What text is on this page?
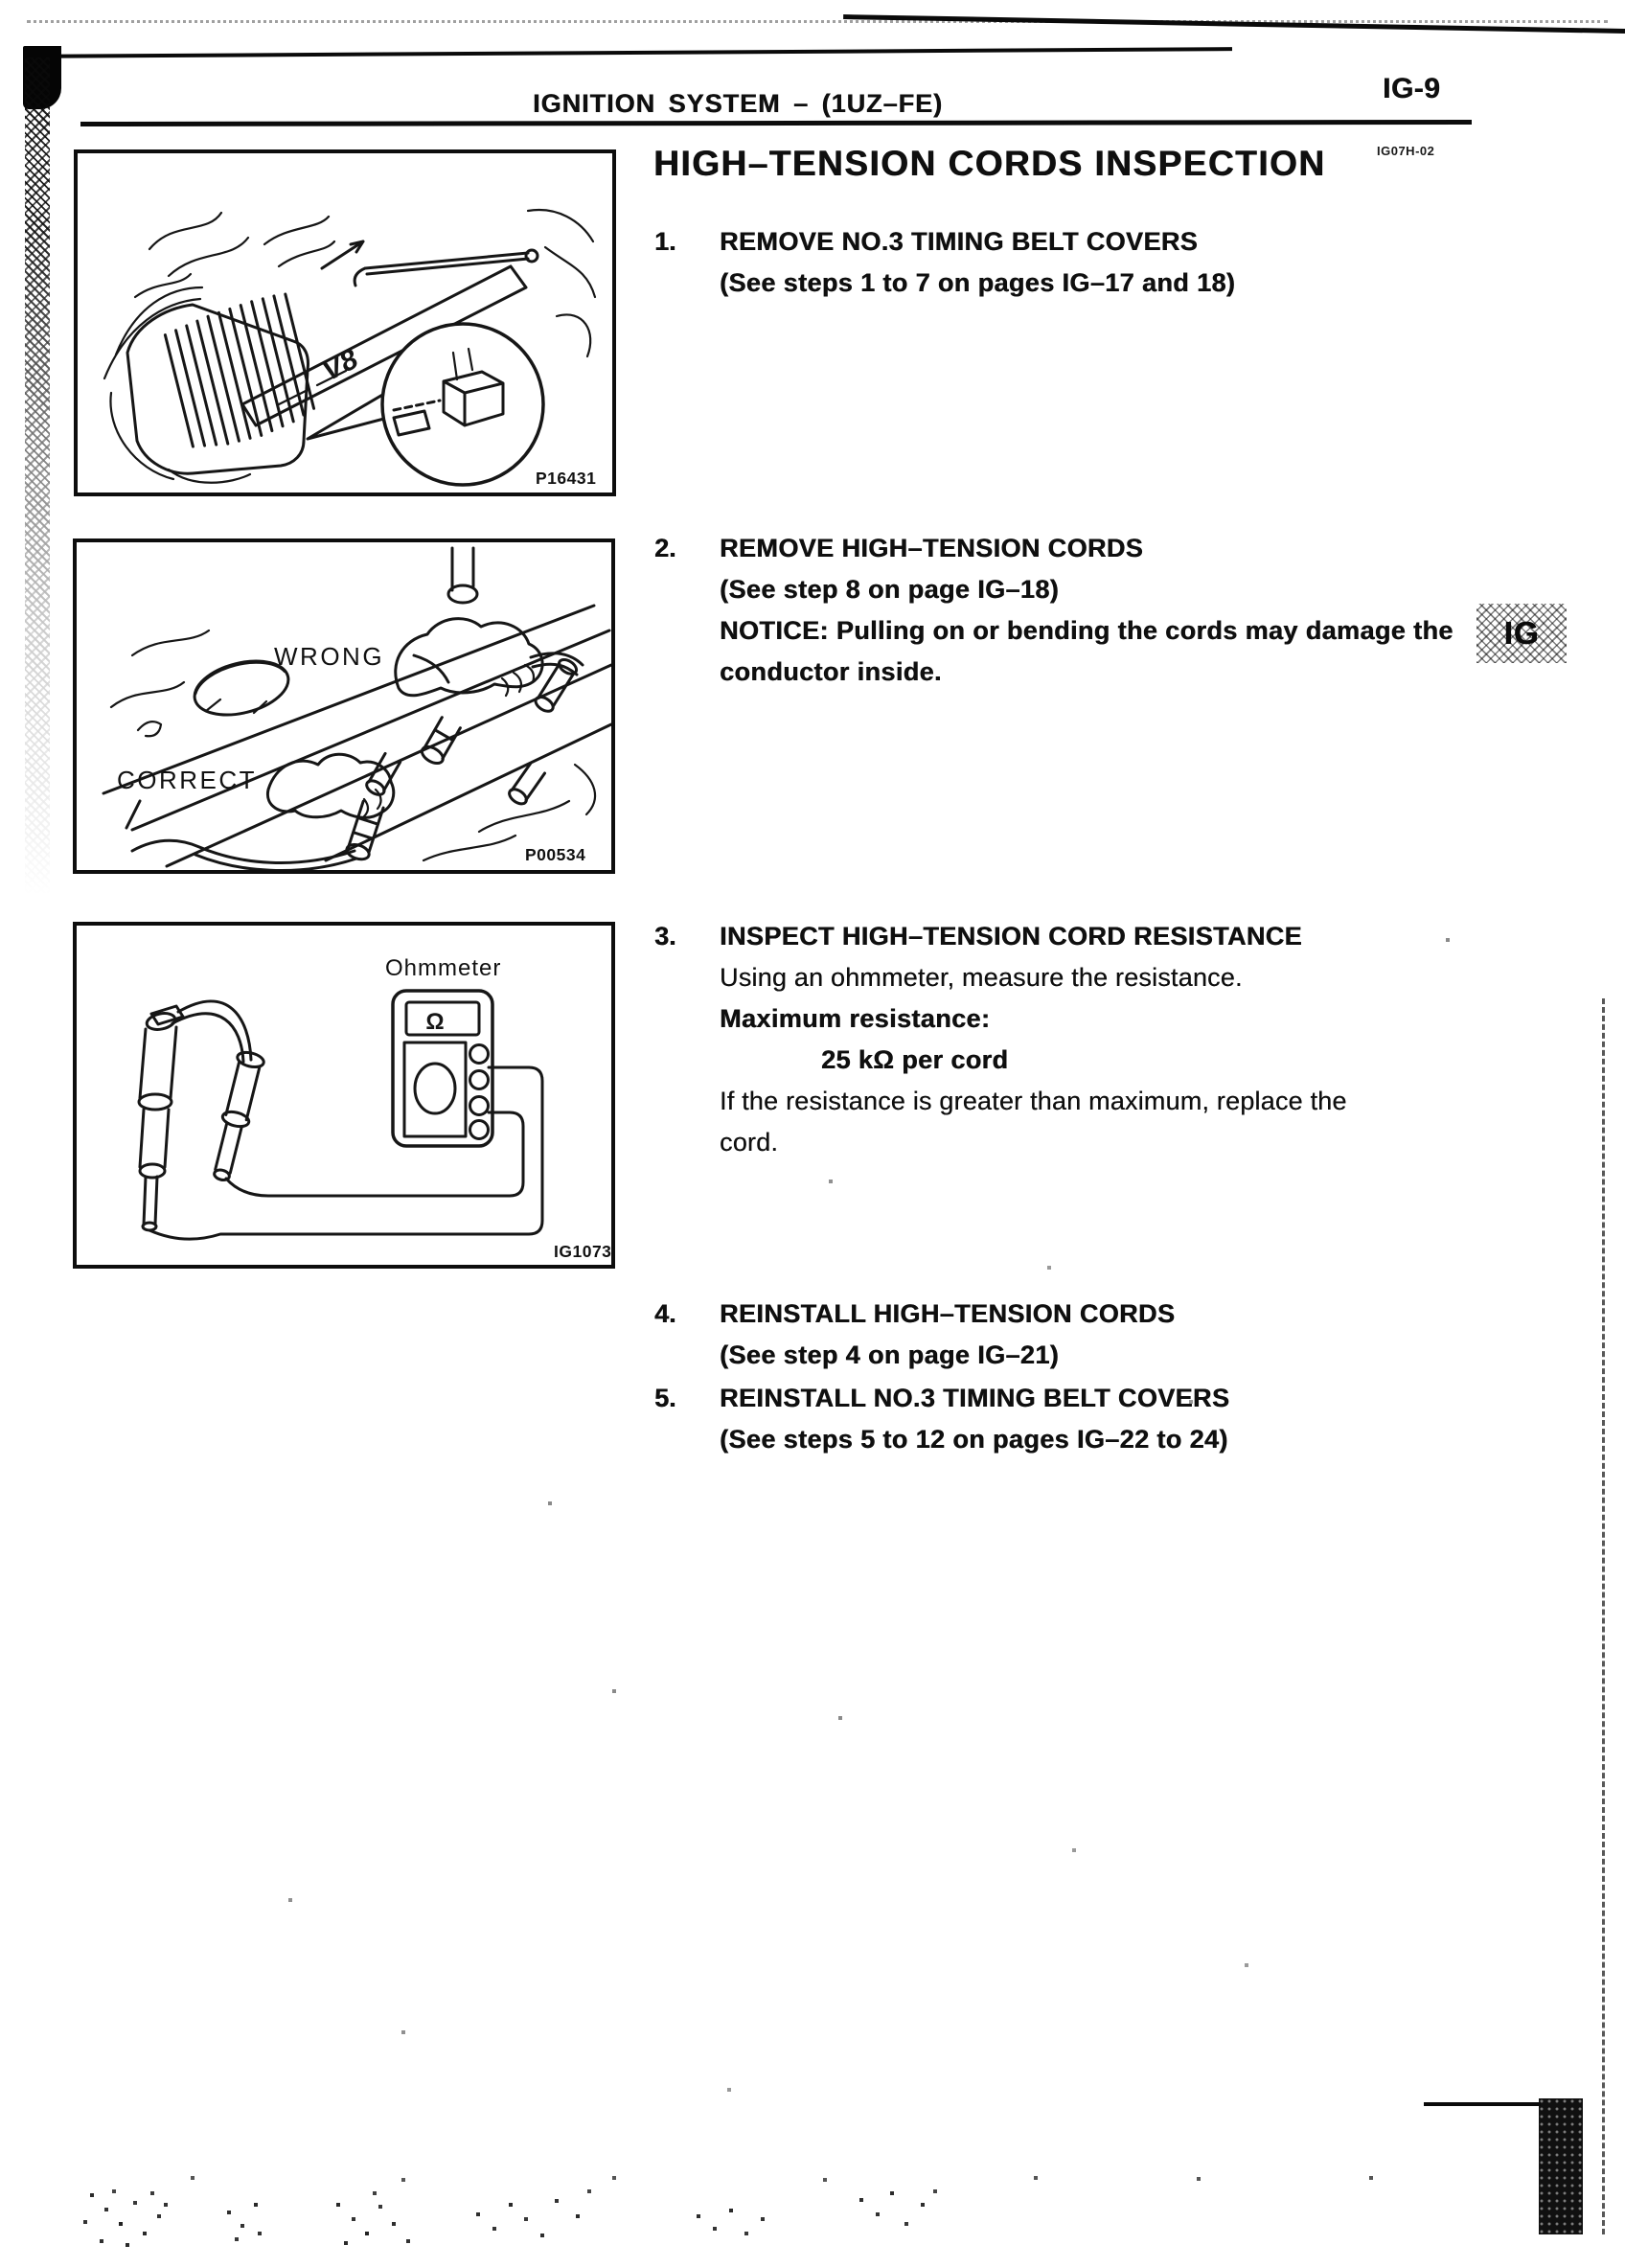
IGNITION SYSTEM – (1UZ–FE)	IG-9
HIGH–TENSION CORDS INSPECTION	IG07H-02
IG
V8
P16431
WRONG
CORRECT
P00534
Ohmmeter
Ω
IG1073
1.	REMOVE NO.3 TIMING BELT COVERS
(See steps 1 to 7 on pages IG–17 and 18)
2.	REMOVE HIGH–TENSION CORDS
(See step 8 on page IG–18)
NOTICE: Pulling on or bending the cords may damage the
conductor inside.
3.	INSPECT HIGH–TENSION CORD RESISTANCE
Using an ohmmeter, measure the resistance.
Maximum resistance:
25 kΩ per cord
If the resistance is greater than maximum, replace the
cord.
4.	REINSTALL HIGH–TENSION CORDS
(See step 4 on page IG–21)
5.	REINSTALL NO.3 TIMING BELT COVERS
(See steps 5 to 12 on pages IG–22 to 24)
